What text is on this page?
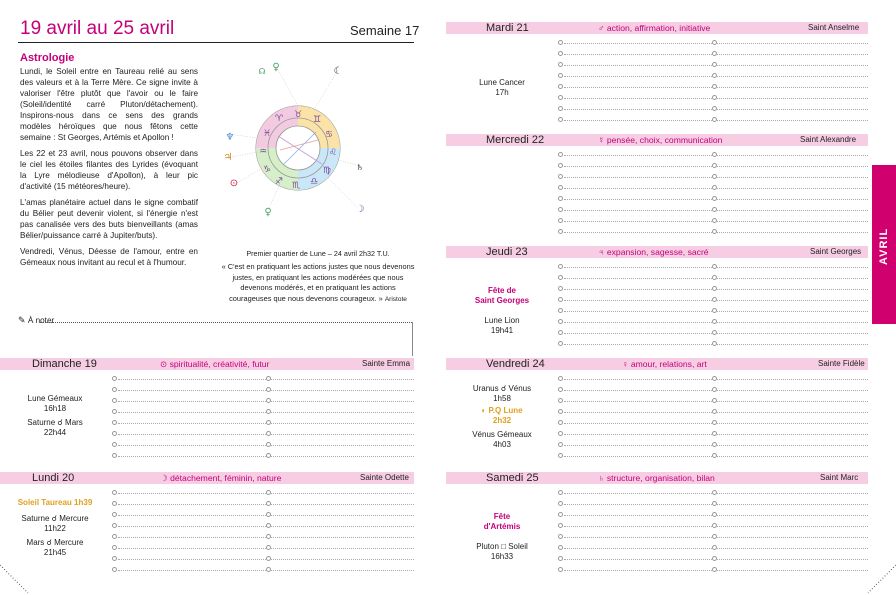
19 avril au 25 avril	Semaine 17
Astrologie

Lundi, le Soleil entre en Taureau relié au sens des valeurs et à la Terre Mère. Ce signe invite à valoriser l'être plutôt que l'avoir ou le faire (Soleil/identité carré Pluton/détachement). Inspirons-nous dans ce sens des grands modèles héroïques que nous fêtons cette semaine : St Georges, Artémis et Apollon !

Les 22 et 23 avril, nous pouvons observer dans le ciel les étoiles filantes des Lyrides (évoquant la Lyre mélodieuse d'Apollon), à leur pic d'activité (15 météores/heure).

L'amas planétaire actuel dans le signe combatif du Bélier peut devenir violent, si l'énergie n'est pas canalisée vers des buts bienveillants (amas Bélier/puissance carré à Jupiter/buts).

Vendredi, Vénus, Déesse de l'amour, entre en Gémeaux nous invitant au recul et à l'humour.

♉ ♊
♋
♌
♍
♎
♏
♐
♑
♒
♓
♈
♀
☊	☾
♆
♃
⊙
♀	☽
♄
Premier quartier de Lune – 24 avril 2h32 T.U.
« C'est en pratiquant les actions justes que nous devenons justes, en pratiquant les actions modérées que nous devenons modérés, et en pratiquant les actions courageuses que nous devenons courageux. » Aristote
✎ À noter
Dimanche 19	⊙ spiritualité, créativité, futur	Sainte Emma
Lune Gémeaux
16h18
Saturne ☌ Mars
22h44
Lundi 20	☽ détachement, féminin, nature	Sainte Odette
Soleil Taureau 1h39
Saturne ☌ Mercure
11h22
Mars ☌ Mercure
21h45
Mardi 21	♂ action, affirmation, initiative	Saint Anselme
Lune Cancer
17h
Mercredi 22	☿ pensée, choix, communication	Saint Alexandre
Jeudi 23	♃ expansion, sagesse, sacré	Saint Georges
Fête de
Saint Georges
Lune Lion
19h41
Vendredi 24	♀ amour, relations, art	Sainte Fidèle
Uranus ☌ Vénus
1h58
◐ P.Q Lune
2h32
Vénus Gémeaux
4h03
Samedi 25	♄ structure, organisation, bilan	Saint Marc
Fête
d'Artémis
Pluton □ Soleil
16h33
AVRIL
